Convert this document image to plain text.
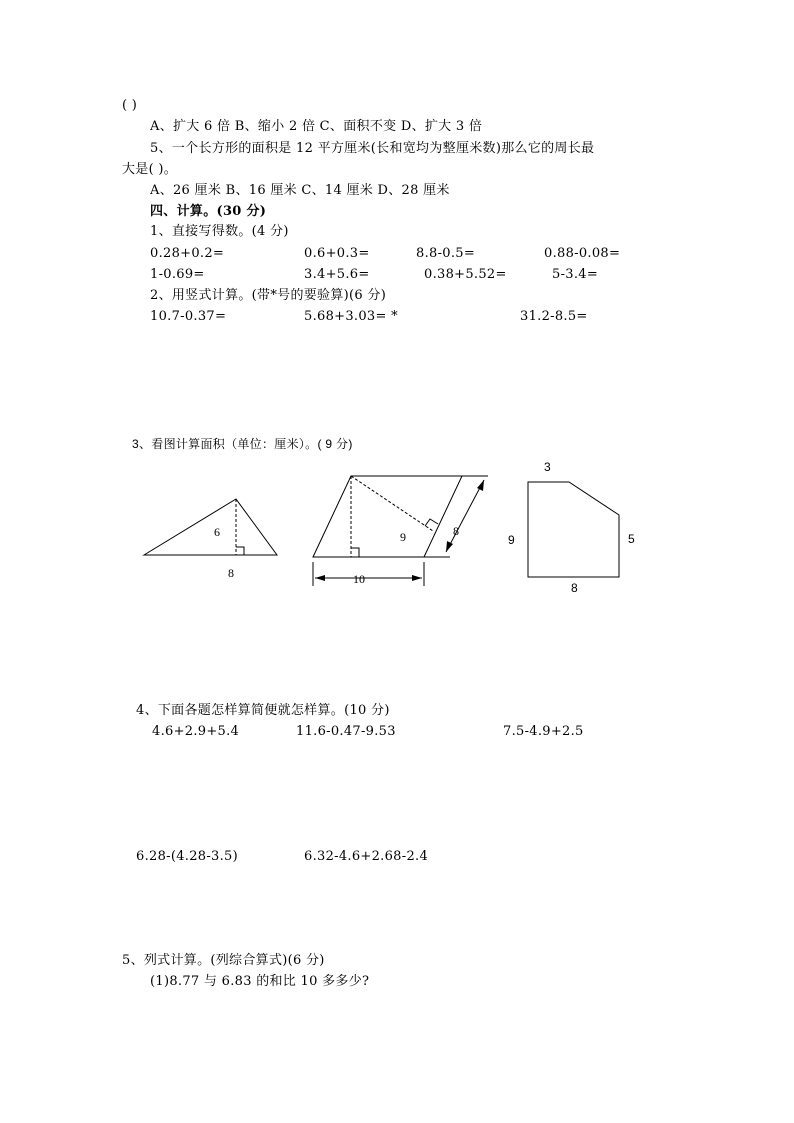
( )
A、扩大 6 倍 B、缩小 2 倍 C、面积不变 D、扩大 3 倍
5、一个长方形的面积是 12 平方厘米(长和宽均为整厘米数)那么它的周长最
大是( )。
A、26 厘米 B、16 厘米 C、14 厘米 D、28 厘米
四、计算。(30 分)
1、直接写得数。(4 分)
0.28+0.2=	0.6+0.3=	8.8-0.5=	0.88-0.08=
1-0.69=	3.4+5.6=	0.38+5.52=	5-3.4=
2、用竖式计算。(带*号的要验算)(6 分)
10.7-0.37=	5.68+3.03= *	31.2-8.5=
3、看图计算面积（单位：厘米）。( 9 分)
6
8
9	8
10
3
9	5
8
4、下面各题怎样算简便就怎样算。(10 分)
4.6+2.9+5.4	11.6-0.47-9.53	7.5-4.9+2.5
6.28-(4.28-3.5)	6.32-4.6+2.68-2.4
5、列式计算。(列综合算式)(6 分)
(1)8.77 与 6.83 的和比 10 多多少?
